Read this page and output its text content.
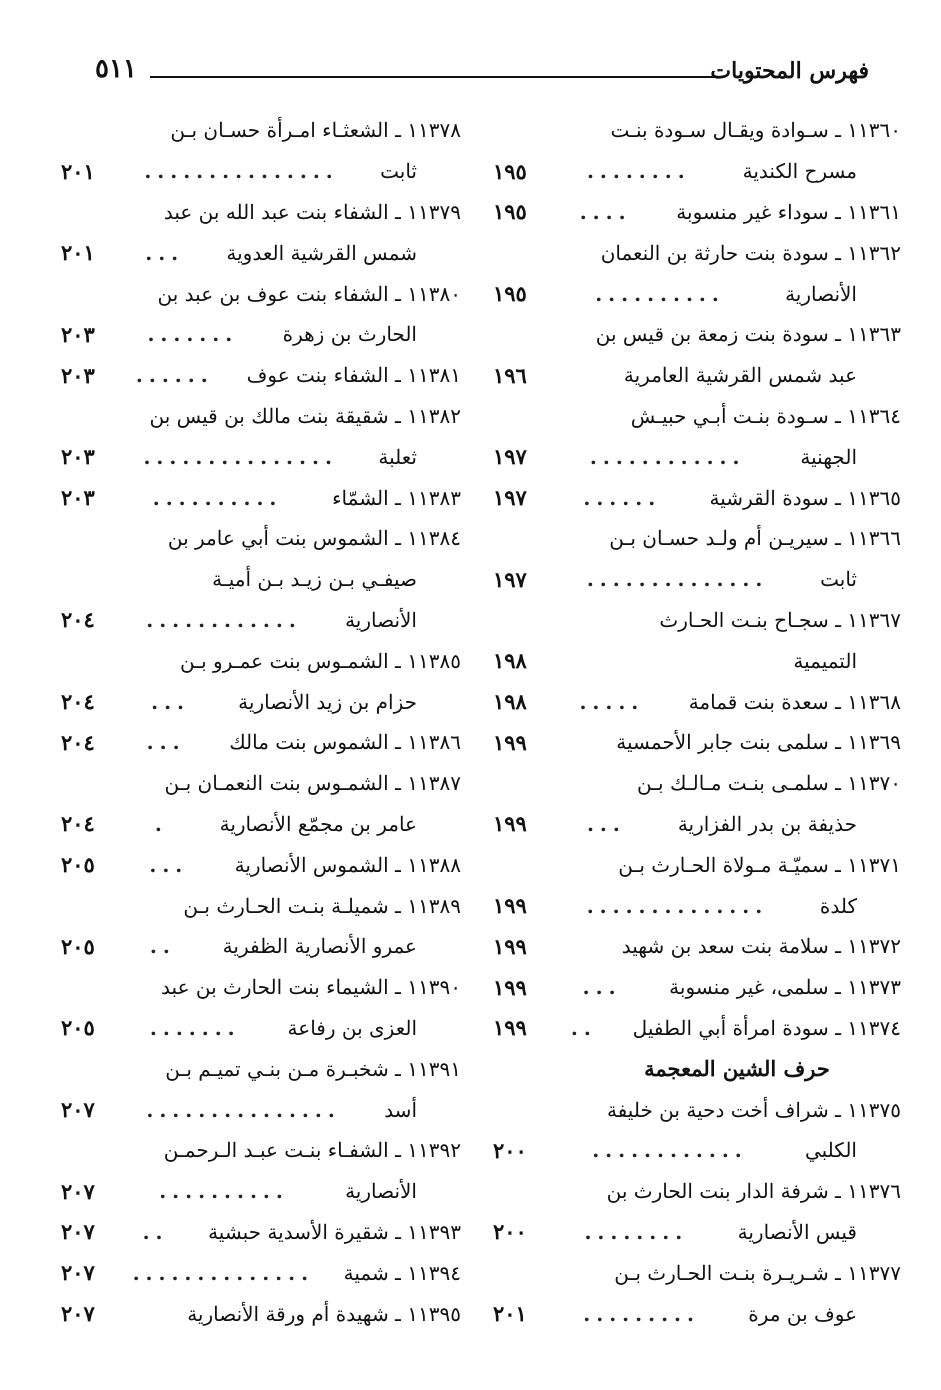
فهرس المحتويات
٥١١
١١٣٦٠ ـ سـوادة ويقـال سـودة بنـت
مسرح الكندية
........
١٩٥
١١٣٦١ ـ سوداء غير منسوبة
....
١٩٥
١١٣٦٢ ـ سودة بنت حارثة بن النعمان
الأنصارية
..........
١٩٥
١١٣٦٣ ـ سودة بنت زمعة بن قيس بن
عبد شمس القرشية العامرية
١٩٦
١١٣٦٤ ـ سـودة بنـت أبـي حبيـش
الجهنية
............
١٩٧
١١٣٦٥ ـ سودة القرشية
......
١٩٧
١١٣٦٦ ـ سيريـن أم ولـد حسـان بـن
ثابت
..............
١٩٧
١١٣٦٧ ـ سجـاح بنـت الحـارث
التميمية
١٩٨
١١٣٦٨ ـ سعدة بنت قمامة
.....
١٩٨
١١٣٦٩ ـ سلمى بنت جابر الأحمسية
١٩٩
١١٣٧٠ ـ سلمـى بنـت مـالـك بـن
حذيفة بن بدر الفزارية
...
١٩٩
١١٣٧١ ـ سميّـة مـولاة الحـارث بـن
كلدة
..............
١٩٩
١١٣٧٢ ـ سلامة بنت سعد بن شهيد
١٩٩
١١٣٧٣ ـ سلمى، غير منسوبة
...
١٩٩
١١٣٧٤ ـ سودة امرأة أبي الطفيل
..
١٩٩
حرف الشين المعجمة
١١٣٧٥ ـ شراف أخت دحية بن خليفة
الكلبي
............
٢٠٠
١١٣٧٦ ـ شرفة الدار بنت الحارث بن
قيس الأنصارية
........
٢٠٠
١١٣٧٧ ـ شـريـرة بنـت الحـارث بـن
عوف بن مرة
.........
٢٠١
١١٣٧٨ ـ الشعثـاء امـرأة حسـان بـن
ثابت
...............
٢٠١
١١٣٧٩ ـ الشفاء بنت عبد الله بن عبد
شمس القرشية العدوية
...
٢٠١
١١٣٨٠ ـ الشفاء بنت عوف بن عبد بن
الحارث بن زهرة
.......
٢٠٣
١١٣٨١ ـ الشفاء بنت عوف
......
٢٠٣
١١٣٨٢ ـ شقيقة بنت مالك بن قيس بن
ثعلبة
...............
٢٠٣
١١٣٨٣ ـ الشمّاء
..........
٢٠٣
١١٣٨٤ ـ الشموس بنت أبي عامر بن
صيفـي بـن زيـد بـن أميـة
الأنصارية
............
٢٠٤
١١٣٨٥ ـ الشمـوس بنت عمـرو بـن
حزام بن زيد الأنصارية
...
٢٠٤
١١٣٨٦ ـ الشموس بنت مالك
...
٢٠٤
١١٣٨٧ ـ الشمـوس بنت النعمـان بـن
عامر بن مجمّع الأنصارية
.
٢٠٤
١١٣٨٨ ـ الشموس الأنصارية
...
٢٠٥
١١٣٨٩ ـ شميلـة بنـت الحـارث بـن
عمرو الأنصارية الظفرية
..
٢٠٥
١١٣٩٠ ـ الشيماء بنت الحارث بن عبد
العزى بن رفاعة
.......
٢٠٥
١١٣٩١ ـ شخبـرة مـن بنـي تميـم بـن
أسد
...............
٢٠٧
١١٣٩٢ ـ الشفـاء بنـت عبـد الـرحمـن
الأنصارية
..........
٢٠٧
١١٣٩٣ ـ شقيرة الأسدية حبشية
..
٢٠٧
١١٣٩٤ ـ شمية
..............
٢٠٧
١١٣٩٥ ـ شهيدة أم ورقة الأنصارية
٢٠٧
